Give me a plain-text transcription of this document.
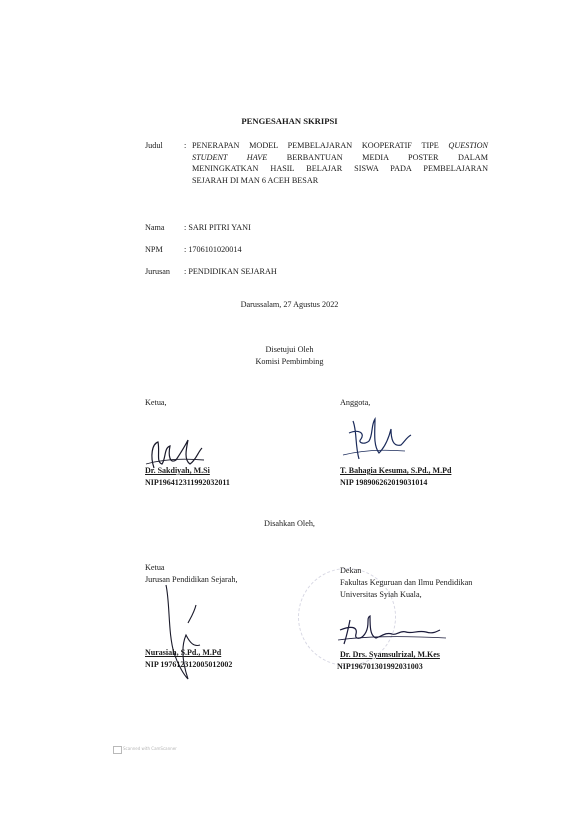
PENGESAHAN SKRIPSI
Judul	: PENERAPAN MODEL PEMBELAJARAN KOOPERATIF TIPE QUESTION
STUDENT HAVE BERBANTUAN MEDIA POSTER DALAM
MENINGKATKAN HASIL BELAJAR SISWA PADA PEMBELAJARAN
SEJARAH DI MAN 6 ACEH BESAR
Nama : SARI PITRI YANI
NPM	: 1706101020014
Jurusan : PENDIDIKAN SEJARAH
Darussalam, 27 Agustus 2022
Disetujui Oleh
Komisi Pembimbing
Ketua,
Dr. Sakdiyah, M.Si
NIP196412311992032011
Anggota,
T. Bahagia Kesuma, S.Pd., M.Pd
NIP 198906262019031014
Disahkan Oleh,
Ketua
Jurusan Pendidikan Sejarah,
Nurasiah, S.Pd., M.Pd
NIP 197612312005012002
Dekan
Fakultas Keguruan dan Ilmu Pendidikan
Universitas Syiah Kuala,
Dr. Drs. Syamsulrizal, M.Kes
NIP196701301992031003
Scanned with CamScanner
